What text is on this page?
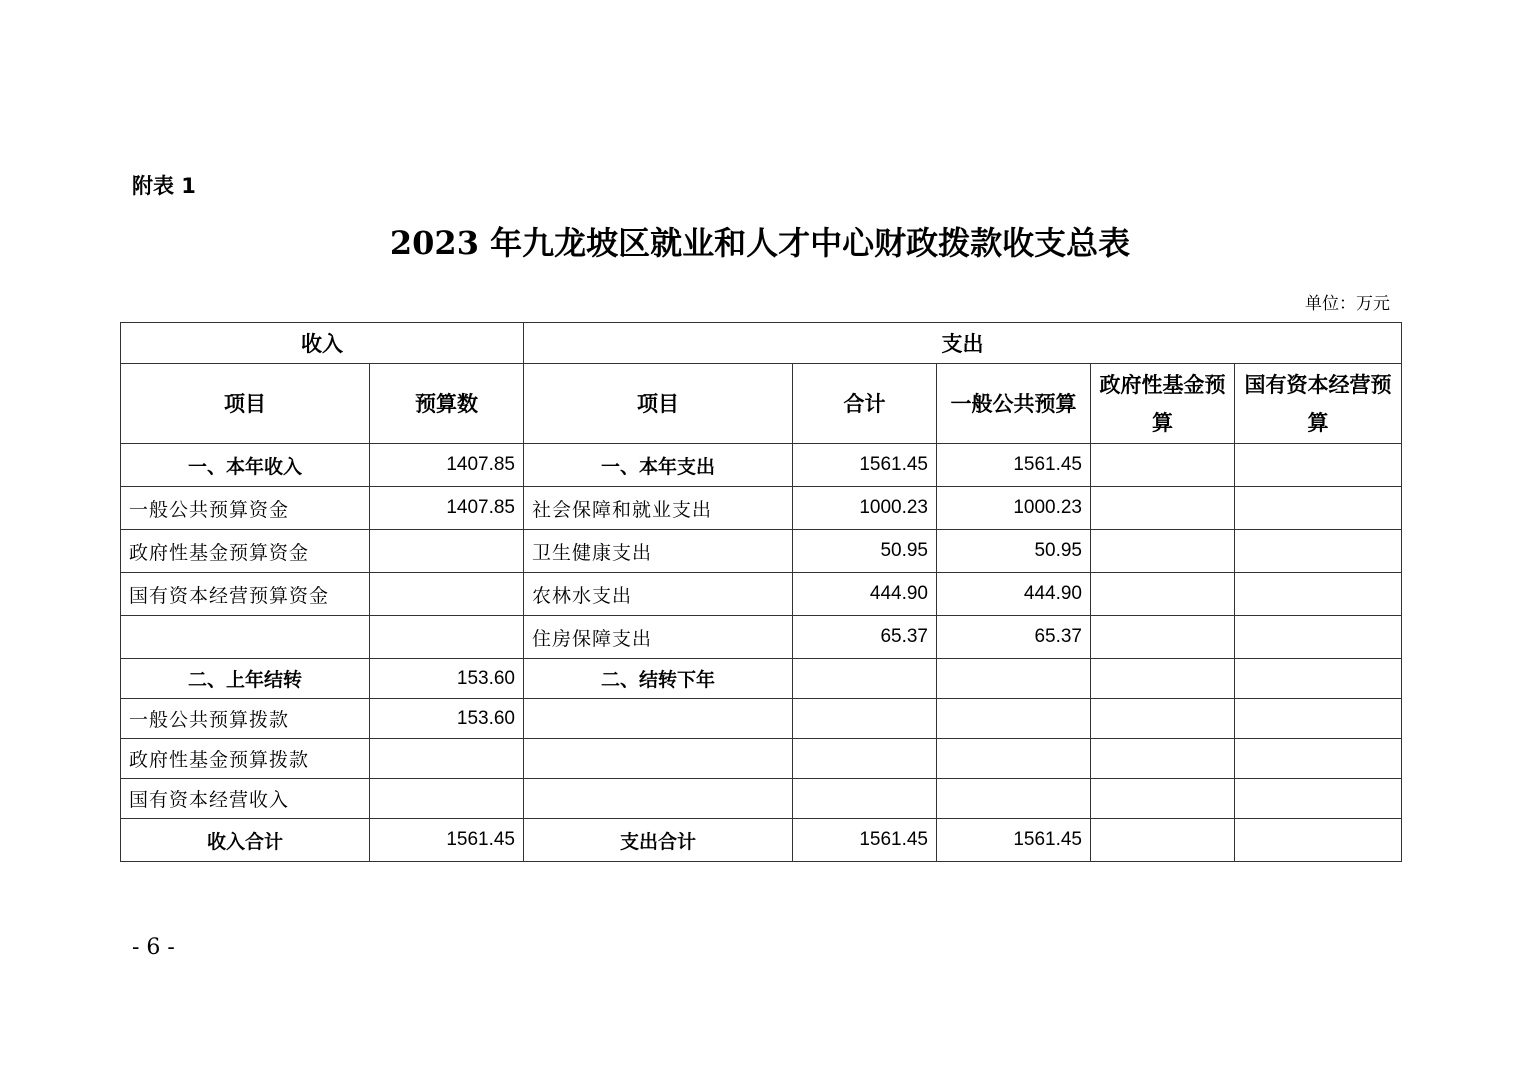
附表 1
2023 年九龙坡区就业和人才中心财政拨款收支总表
单位：万元
收入		支出				
项目	预算数	项目	合计	一般公共预算	政府性基金预算	国有资本经营预算
一、本年收入	1407.85	一、本年支出	1561.45	1561.45		
一般公共预算资金	1407.85	社会保障和就业支出	1000.23	1000.23		
政府性基金预算资金		卫生健康支出	50.95	50.95		
国有资本经营预算资金		农林水支出	444.90	444.90		
		住房保障支出	65.37	65.37		
二、上年结转	153.60	二、结转下年				
一般公共预算拨款	153.60					
政府性基金预算拨款						
国有资本经营收入						
收入合计	1561.45	支出合计	1561.45	1561.45		
- 6 -
